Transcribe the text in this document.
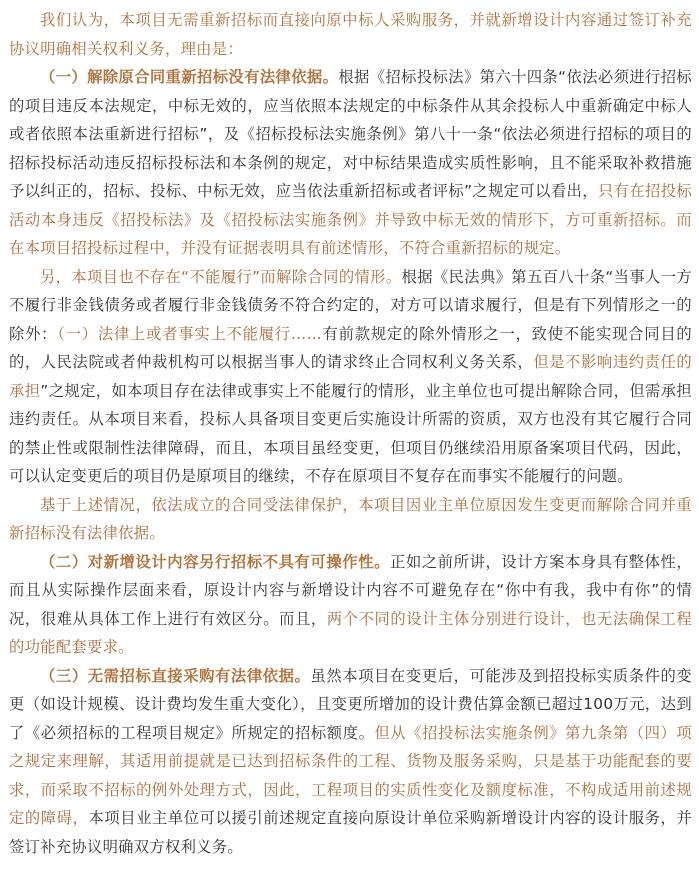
我们认为，本项目无需重新招标而直接向原中标人采购服务，并就新增设计内容通过签订补充协议明确相关权利义务，理由是：

（一）解除原合同重新招标没有法律依据。根据《招标投标法》第六十四条“依法必须进行招标的项目违反本法规定，中标无效的，应当依照本法规定的中标条件从其余投标人中重新确定中标人或者依照本法重新进行招标”，及《招标投标法实施条例》第八十一条“依法必须进行招标的项目的招标投标活动违反招标投标法和本条例的规定，对中标结果造成实质性影响，且不能采取补救措施予以纠正的，招标、投标、中标无效，应当依法重新招标或者评标”之规定可以看出，只有在招投标活动本身违反《招投标法》及《招投标法实施条例》并导致中标无效的情形下，方可重新招标。而在本项目招投标过程中，并没有证据表明具有前述情形，不符合重新招标的规定。

另，本项目也不存在“不能履行”而解除合同的情形。根据《民法典》第五百八十条“当事人一方不履行非金钱债务或者履行非金钱债务不符合约定的，对方可以请求履行，但是有下列情形之一的除外：（一）法律上或者事实上不能履行……有前款规定的除外情形之一，致使不能实现合同目的的，人民法院或者仲裁机构可以根据当事人的请求终止合同权利义务关系，但是不影响违约责任的承担”之规定，如本项目存在法律或事实上不能履行的情形，业主单位也可提出解除合同，但需承担违约责任。从本项目来看，投标人具备项目变更后实施设计所需的资质，双方也没有其它履行合同的禁止性或限制性法律障碍，而且，本项目虽经变更，但项目仍继续沿用原备案项目代码，因此，可以认定变更后的项目仍是原项目的继续，不存在原项目不复存在而事实不能履行的问题。

基于上述情况，依法成立的合同受法律保护，本项目因业主单位原因发生变更而解除合同并重新招标没有法律依据。

（二）对新增设计内容另行招标不具有可操作性。正如之前所讲，设计方案本身具有整体性，而且从实际操作层面来看，原设计内容与新增设计内容不可避免存在“你中有我，我中有你”的情况，很难从具体工作上进行有效区分。而且，两个不同的设计主体分别进行设计，也无法确保工程的功能配套要求。

（三）无需招标直接采购有法律依据。虽然本项目在变更后，可能涉及到招投标实质条件的变更（如设计规模、设计费均发生重大变化），且变更所增加的设计费估算金额已超过100万元，达到了《必须招标的工程项目规定》所规定的招标额度。但从《招投标法实施条例》第九条第（四）项之规定来理解，其适用前提就是已达到招标条件的工程、货物及服务采购，只是基于功能配套的要求，而采取不招标的例外处理方式，因此，工程项目的实质性变化及额度标准，不构成适用前述规定的障碍，本项目业主单位可以援引前述规定直接向原设计单位采购新增设计内容的设计服务，并签订补充协议明确双方权利义务。
